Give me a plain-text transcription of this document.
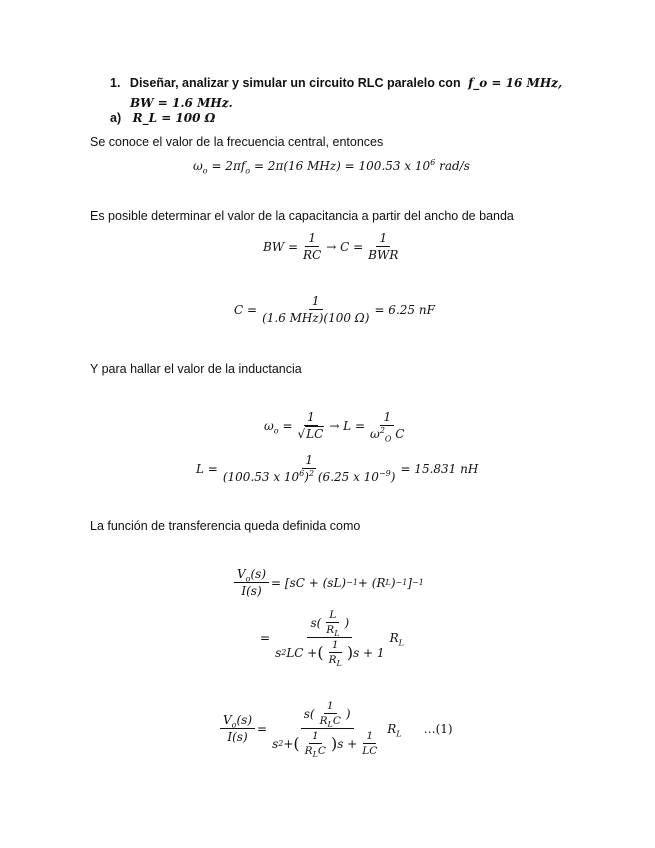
1. Diseñar, analizar y simular un circuito RLC paralelo con f_o = 16 MHz,
BW = 1.6 MHz.
a) R_L = 100 Ω
Se conoce el valor de la frecuencia central, entonces
$\omega_o = 2\pi f_o = 2\pi(16$ MHz) = 100.53 x $10^6$ rad/s
Es posible determinar el valor de la capacitancia a partir del ancho de banda
BW = $\frac{1}{RC} \to C = \frac{1}{\text{BWR}}$
$C = \frac{1}{\text{(1.6 MHz)(100 Ω)}} = 6.25$ nF
Y para hallar el valor de la inductancia
$\omega_o = \frac{1}{√LC} \to L = \frac{1}{\omega^2_O C}$
$L = \frac{1}{(100.53 x 10^6)^2 (6.25 x 10^{-9})} = 15.831$ nH
La función de transferencia queda definida como
$\frac{V_o(s)}{I(s)} = [sC + (sL) -1 + (R$ L ) −1 ] −1
= $\frac{s( \frac{L}{R_L} )}{s 2 LC + ( \frac{1}{R_L} ) s + 1} R_L$
$\frac{V_o(s)}{I(s)} = \frac{s( \frac{1}{R_LC} )}{s 2 + ( \frac{1}{R_LC} ) s + \frac{1}{LC}} R_L$ …(1)
